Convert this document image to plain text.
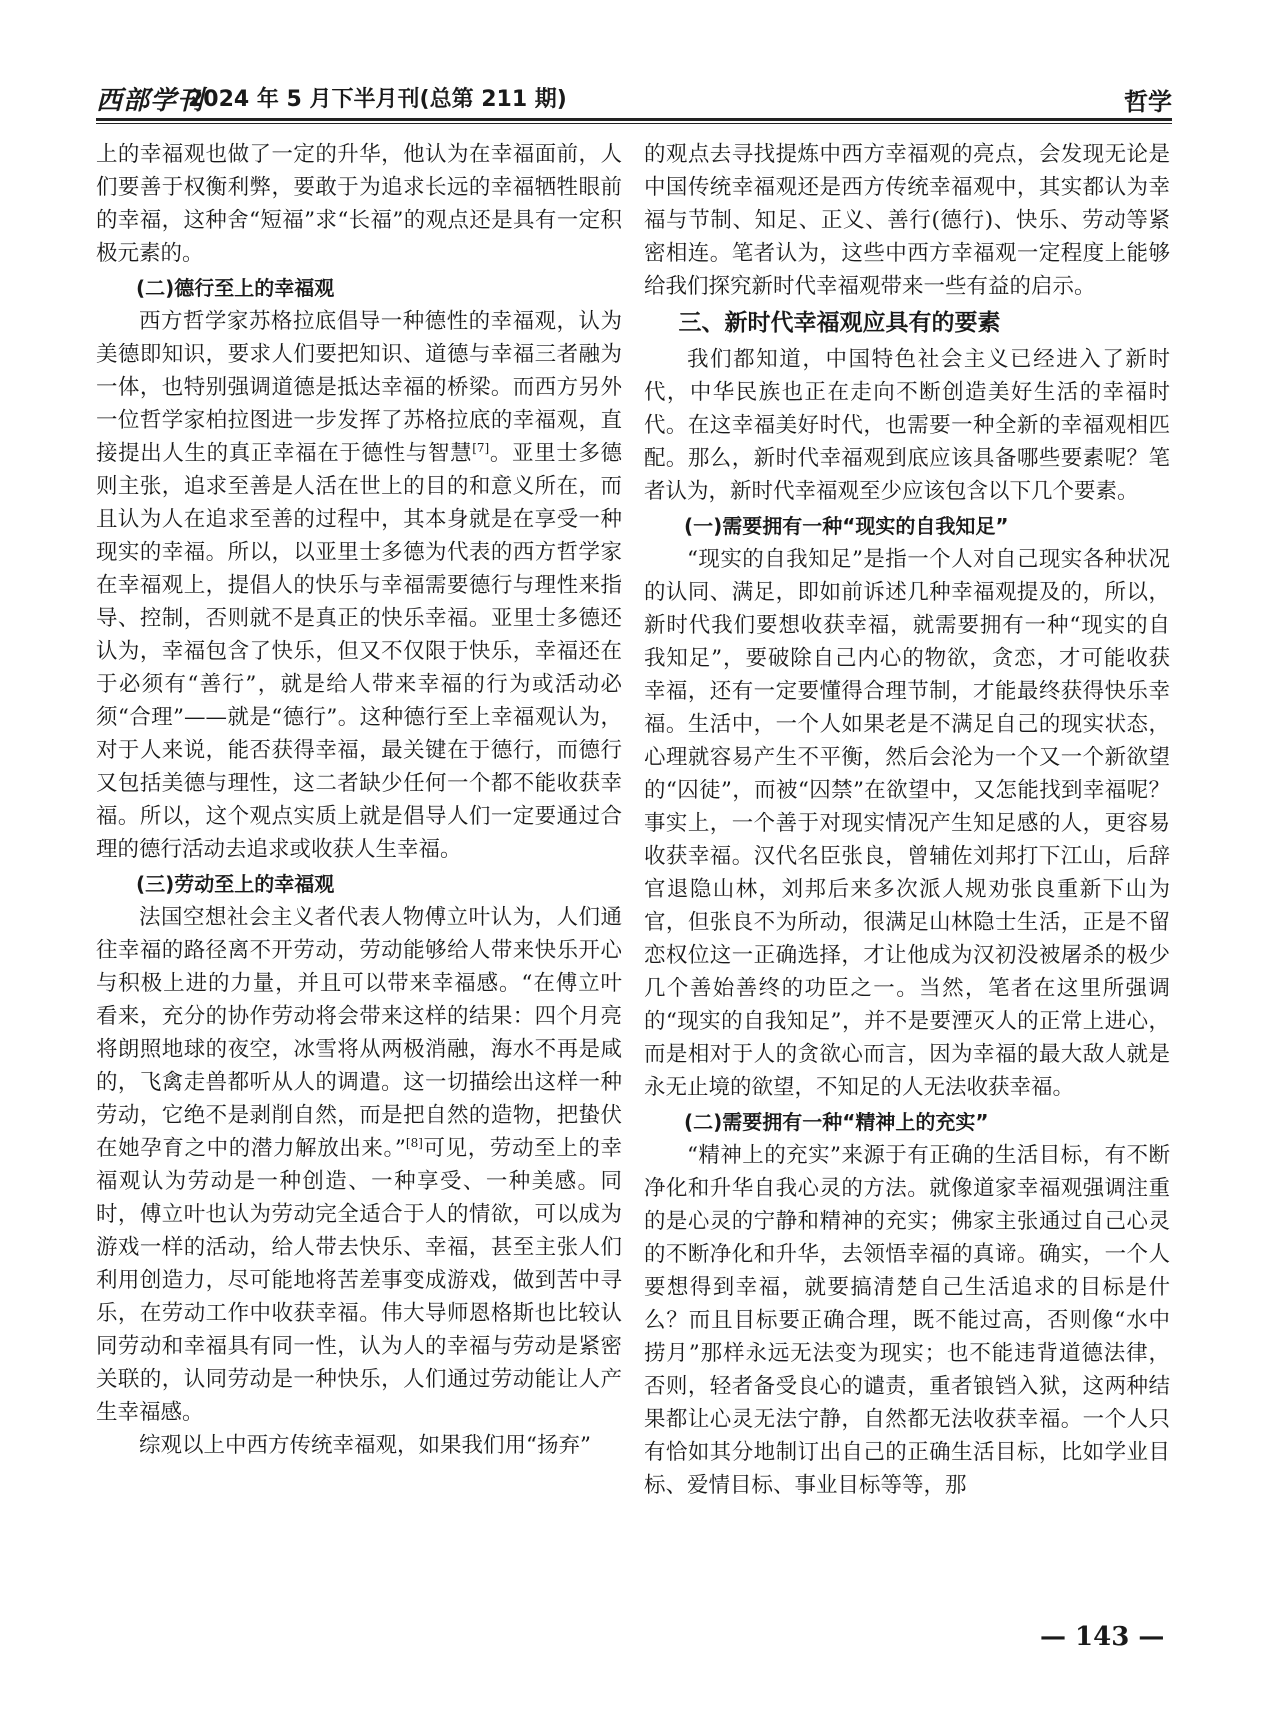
西部学刊
2024 年 5 月下半月刊(总第 211 期)	哲学

上的幸福观也做了一定的升华，他认为在幸福面前，人们要善于权衡利弊，要敢于为追求长远的幸福牺牲眼前的幸福，这种舍“短福”求“长福”的观点还是具有一定积极元素的。

(二)德行至上的幸福观

西方哲学家苏格拉底倡导一种德性的幸福观，认为美德即知识，要求人们要把知识、道德与幸福三者融为一体，也特别强调道德是抵达幸福的桥梁。而西方另外一位哲学家柏拉图进一步发挥了苏格拉底的幸福观，直接提出人生的真正幸福在于德性与智慧[7]。亚里士多德则主张，追求至善是人活在世上的目的和意义所在，而且认为人在追求至善的过程中，其本身就是在享受一种现实的幸福。所以，以亚里士多德为代表的西方哲学家在幸福观上，提倡人的快乐与幸福需要德行与理性来指导、控制，否则就不是真正的快乐幸福。亚里士多德还认为，幸福包含了快乐，但又不仅限于快乐，幸福还在于必须有“善行”，就是给人带来幸福的行为或活动必须“合理”——就是“德行”。这种德行至上幸福观认为，对于人来说，能否获得幸福，最关键在于德行，而德行又包括美德与理性，这二者缺少任何一个都不能收获幸福。所以，这个观点实质上就是倡导人们一定要通过合理的德行活动去追求或收获人生幸福。

(三)劳动至上的幸福观

法国空想社会主义者代表人物傅立叶认为，人们通往幸福的路径离不开劳动，劳动能够给人带来快乐开心与积极上进的力量，并且可以带来幸福感。“在傅立叶看来，充分的协作劳动将会带来这样的结果：四个月亮将朗照地球的夜空，冰雪将从两极消融，海水不再是咸的，飞禽走兽都听从人的调遣。这一切描绘出这样一种劳动，它绝不是剥削自然，而是把自然的造物，把蛰伏在她孕育之中的潜力解放出来。”[8]可见，劳动至上的幸福观认为劳动是一种创造、一种享受、一种美感。同时，傅立叶也认为劳动完全适合于人的情欲，可以成为游戏一样的活动，给人带去快乐、幸福，甚至主张人们利用创造力，尽可能地将苦差事变成游戏，做到苦中寻乐，在劳动工作中收获幸福。伟大导师恩格斯也比较认同劳动和幸福具有同一性，认为人的幸福与劳动是紧密关联的，认同劳动是一种快乐，人们通过劳动能让人产生幸福感。

综观以上中西方传统幸福观，如果我们用“扬弃”

的观点去寻找提炼中西方幸福观的亮点，会发现无论是中国传统幸福观还是西方传统幸福观中，其实都认为幸福与节制、知足、正义、善行(德行)、快乐、劳动等紧密相连。笔者认为，这些中西方幸福观一定程度上能够给我们探究新时代幸福观带来一些有益的启示。

三、新时代幸福观应具有的要素

我们都知道，中国特色社会主义已经进入了新时代，中华民族也正在走向不断创造美好生活的幸福时代。在这幸福美好时代，也需要一种全新的幸福观相匹配。那么，新时代幸福观到底应该具备哪些要素呢？笔者认为，新时代幸福观至少应该包含以下几个要素。

(一)需要拥有一种“现实的自我知足”

“现实的自我知足”是指一个人对自己现实各种状况的认同、满足，即如前诉述几种幸福观提及的，所以，新时代我们要想收获幸福，就需要拥有一种“现实的自我知足”，要破除自己内心的物欲，贪恋，才可能收获幸福，还有一定要懂得合理节制，才能最终获得快乐幸福。生活中，一个人如果老是不满足自己的现实状态，心理就容易产生不平衡，然后会沦为一个又一个新欲望的“囚徒”，而被“囚禁”在欲望中，又怎能找到幸福呢？事实上，一个善于对现实情况产生知足感的人，更容易收获幸福。汉代名臣张良，曾辅佐刘邦打下江山，后辞官退隐山林，刘邦后来多次派人规劝张良重新下山为官，但张良不为所动，很满足山林隐士生活，正是不留恋权位这一正确选择，才让他成为汉初没被屠杀的极少几个善始善终的功臣之一。当然，笔者在这里所强调的“现实的自我知足”，并不是要湮灭人的正常上进心，而是相对于人的贪欲心而言，因为幸福的最大敌人就是永无止境的欲望，不知足的人无法收获幸福。

(二)需要拥有一种“精神上的充实”

“精神上的充实”来源于有正确的生活目标，有不断净化和升华自我心灵的方法。就像道家幸福观强调注重的是心灵的宁静和精神的充实；佛家主张通过自己心灵的不断净化和升华，去领悟幸福的真谛。确实，一个人要想得到幸福，就要搞清楚自己生活追求的目标是什么？而且目标要正确合理，既不能过高，否则像“水中捞月”那样永远无法变为现实；也不能违背道德法律，否则，轻者备受良心的谴责，重者锒铛入狱，这两种结果都让心灵无法宁静，自然都无法收获幸福。一个人只有恰如其分地制订出自己的正确生活目标，比如学业目标、爱情目标、事业目标等等，那

— 143 —
